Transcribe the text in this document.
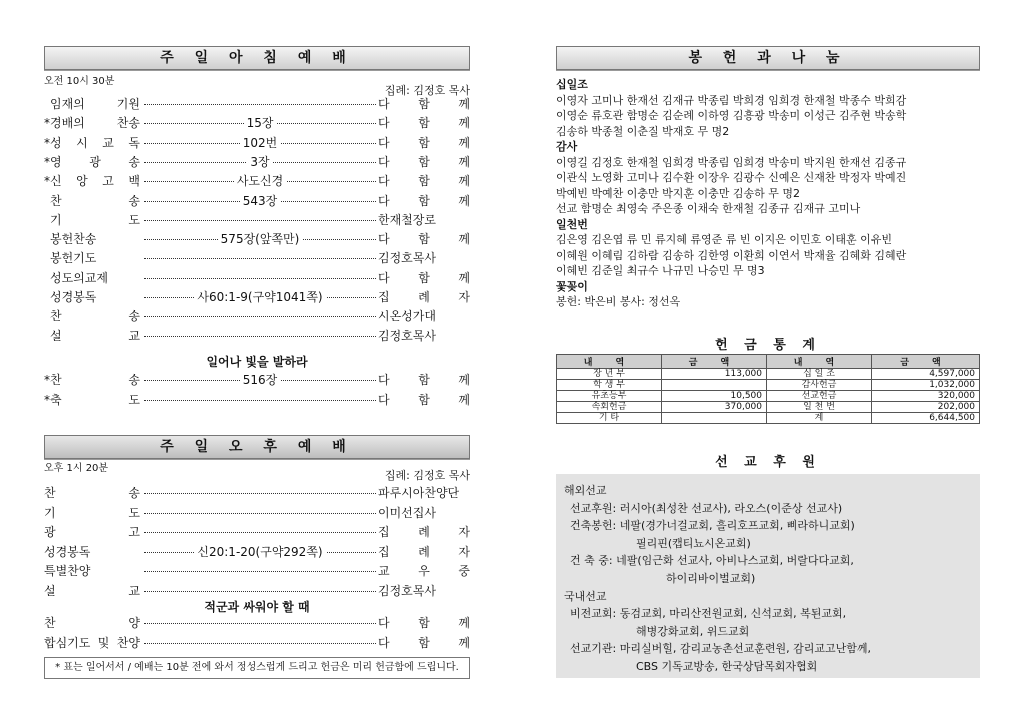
주 일 아 침 예 배
오전 10시 30분
집례: 김정호 목사
임재의 기원	다 함 께
*경배의 찬송	15장	다 함 께
*성 시 교 독	102번	다 함 께
*영 광 송	3장	다 함 께
*신 앙 고 백	사도신경	다 함 께
찬 송	543장	다 함 께
기 도	한재철장로
봉헌찬송	575장(앞쪽만)	다 함 께
봉헌기도	김정호목사
성도의교제	다 함 께
성경봉독	사60:1-9(구약1041쪽)	집 례 자
찬 송	시온성가대
설 교	김정호목사
일어나 빛을 발하라
*찬 송	516장	다 함 께
*축 도	다 함 께
주 일 오 후 예 배
오후 1시 20분
집례: 김정호 목사
찬 송	파루시아찬양단
기 도	이미선집사
광 고	집 례 자
성경봉독	신20:1-20(구약292쪽)	집 례 자
특별찬양	교 우 중
설 교	김정호목사
적군과 싸워야 할 때
찬 양	다 함 께
합심기도 및 찬양	다 함 께
* 표는 일어서서 / 예배는 10분 전에 와서 정성스럽게 드리고 헌금은 미리 헌금함에 드립니다.
봉 헌 과 나 눔
십일조
이영자 고미나 한재선 김재규 박종림 박희경 임희경 한재철 박종수 박희감
이영순 류호관 함명순 김순례 이하영 김흥광 박송미 이성근 김주현 박송학
김송하 박종철 이춘질 박재호 무 명2
감사
이영길 김정호 한재철 임희경 박종림 임희경 박송미 박지원 한재선 김종규
이관식 노영화 고미나 김수환 이장우 김광수 신예은 신재찬 박정자 박예진
박예빈 박예찬 이충만 박지훈 이충만 김송하 무 명2
선교 함명순 최영숙 주은종 이채숙 한재철 김종규 김재규 고미나
일천번
김은영 김은엽 류 민 류지혜 류영준 류 빈 이지은 이민호 이태훈 이유빈
이혜원 이혜림 김하람 김송하 김한영 이환희 이연서 박재율 김혜화 김혜란
이혜빈 김준일 최규수 나규민 나승민 무 명3
꽃꽂이
봉헌: 박은비 봉사: 정선옥
헌 금 통 계
내 역	금 액	내 역	금 액
장 년 부	113,000	십 일 조	4,597,000
학 생 부		감사헌금	1,032,000
유초등부	10,500	선교헌금	320,000
속회헌금	370,000	일 천 번	202,000
기 타		계	6,644,500
선 교 후 원
해외선교
선교후원: 러시아(최성찬 선교사), 라오스(이준상 선교사)
건축봉헌: 네팔(경가너걸교회, 흘리호프교회, 삐라하니교회)
필리핀(캡티뇨시온교회)
건 축 중: 네팔(임근화 선교사, 아비나스교회, 버랄다다교회,
하이리바이벌교회)
국내선교
비전교회: 동검교회, 마리산전원교회, 신석교회, 복된교회,
해병강화교회, 위드교회
선교기관: 마리실버힐, 감리교농촌선교훈련원, 감리교고난함께,
CBS 기독교방송, 한국상담목회자협회
